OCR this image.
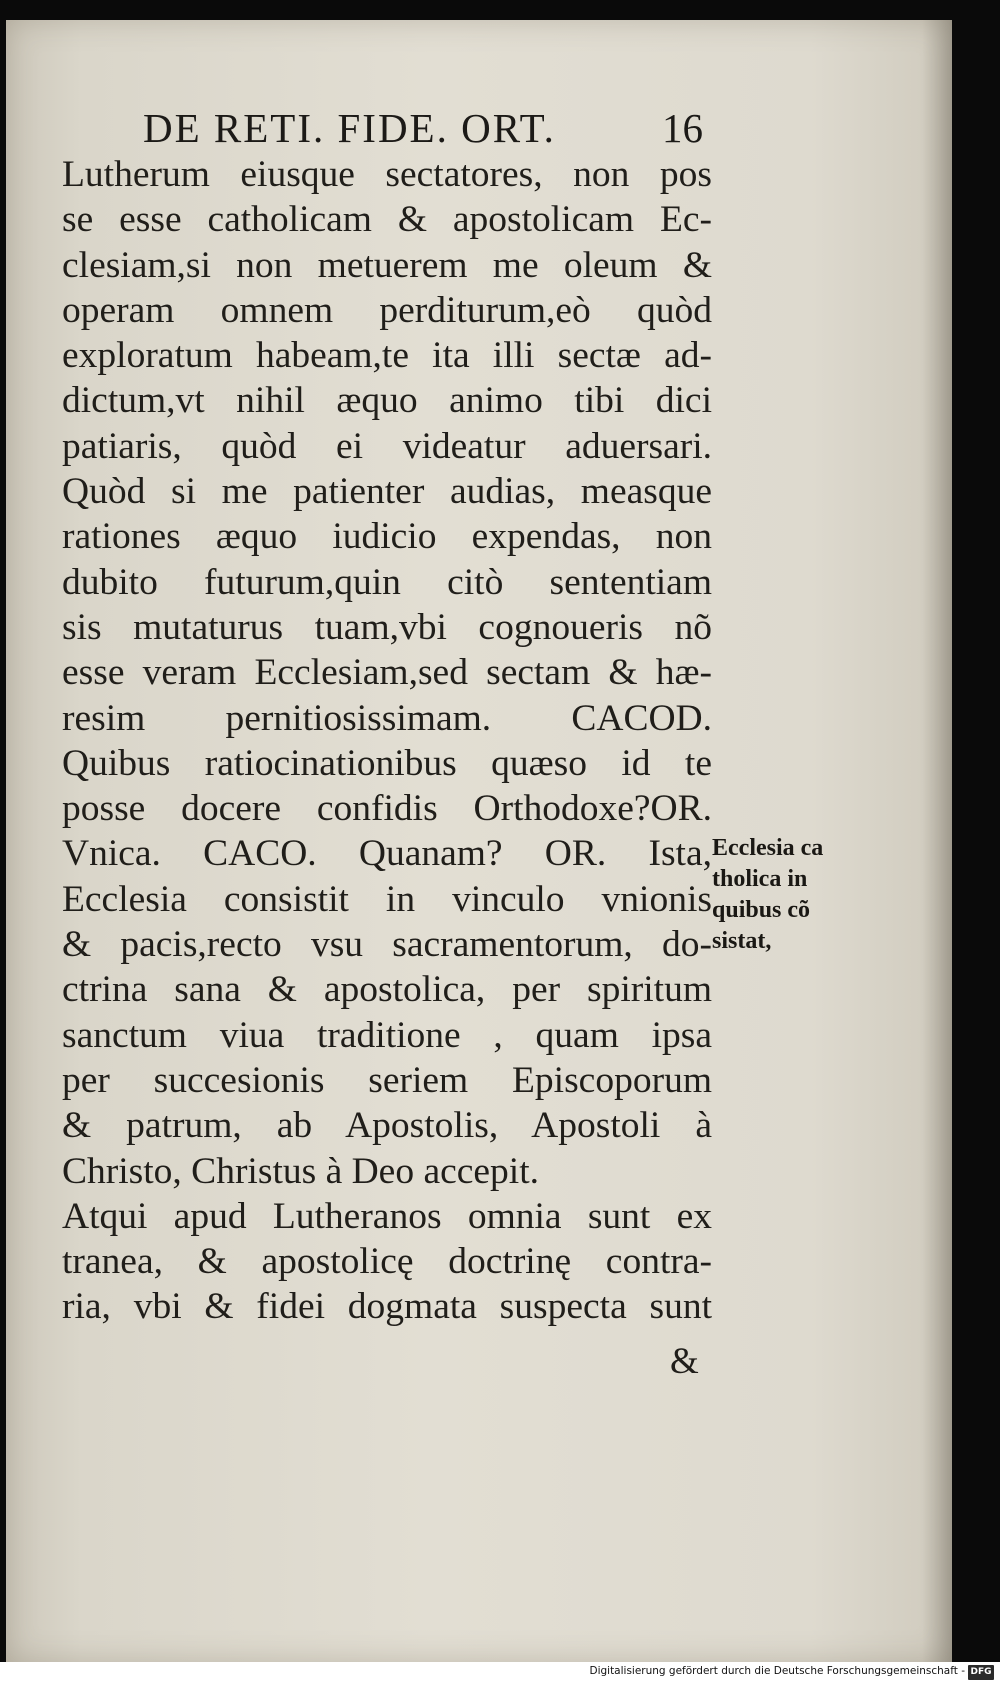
DE RETI. FIDE. ORT.	16
Lutherum eiusque sectatores, non pos
se esse catholicam & apostolicam Ec-
clesiam,si non metuerem me oleum &
operam omnem perditurum,eò quòd
exploratum habeam,te ita illi sectæ ad-
dictum,vt nihil æquo animo tibi dici
patiaris, quòd ei videatur aduersari.
Quòd si me patienter audias, measque
rationes æquo iudicio expendas, non
dubito futurum,quin citò sententiam
sis mutaturus tuam,vbi cognoueris nõ
esse veram Ecclesiam,sed sectam & hæ-
resim pernitiosissimam. CACOD.
Quibus ratiocinationibus quæso id te
posse docere confidis Orthodoxe?OR.
Vnica. CACO. Quanam? OR. Ista,
Ecclesia consistit in vinculo vnionis
& pacis,recto vsu sacramentorum, do-
ctrina sana & apostolica, per spiritum
sanctum viua traditione , quam ipsa
per succesionis seriem Episcoporum
& patrum, ab Apostolis, Apostoli à
Christo, Christus à Deo accepit.
Atqui apud Lutheranos omnia sunt ex
tranea, & apostolicę doctrinę contra-
ria, vbi & fidei dogmata suspecta sunt
&
Ecclesia ca
tholica in
quibus cõ
sistat,
Digitalisierung gefördert durch die Deutsche Forschungsgemeinschaft - DFG
